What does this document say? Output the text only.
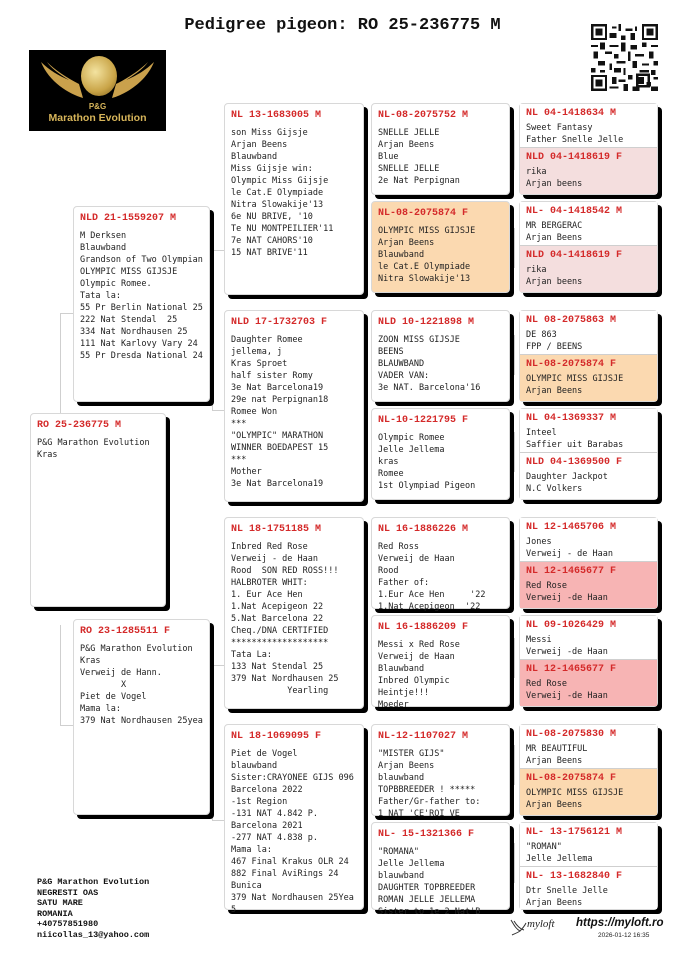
Pedigree pigeon: RO 25-236775 M
P&G
Marathon Evolution
RO 25-236775 M
P&G Marathon Evolution
Kras
NLD 21-1559207 M
M Derksen
Blauwband
Grandson of Two Olympian
OLYMPIC MISS GIJSJE
Olympic Romee.
Tata la:
55 Pr Berlin National 25
222 Nat Stendal  25
334 Nat Nordhausen 25
111 Nat Karlovy Vary 24
55 Pr Dresda National 24
RO 23-1285511 F
P&G Marathon Evolution
Kras
Verweij de Hann.
X
Piet de Vogel
Mama la:
379 Nat Nordhausen 25yea
NL 13-1683005 M
son Miss Gijsje
Arjan Beens
Blauwband
Miss Gijsje win:
Olympic Miss Gijsje
le Cat.E Olympiade
Nitra Slowakije'13
6e NU BRIVE, '10
Te NU MONTPEILIER'11
7e NAT CAHORS'10
15 NAT BRIVE'11
NLD 17-1732703 F
Daughter Romee
jellema, j
Kras Sproet
half sister Romy
3e Nat Barcelona19
29e nat Perpignan18
Romee Won
***
"OLYMPIC" MARATHON
WINNER BOEDAPEST 15
***
Mother
3e Nat Barcelona19
NL 18-1751185 M
Inbred Red Rose
Verweij - de Haan
Rood  SON RED ROSS!!!
HALBROTER WHIT:
1. Eur Ace Hen
1.Nat Acepigeon 22
5.Nat Barcelona 22
Cheq./DNA CERTIFIED
*******************
Tata La:
133 Nat Stendal 25
379 Nat Nordhausen 25
Yearling
NL 18-1069095 F
Piet de Vogel
blauwband
Sister:CRAYONEE GIJS 096
Barcelona 2022
-1st Region
-131 NAT 4.842 P.
Barcelona 2021
-277 NAT 4.838 p.
Mama la:
467 Final Krakus OLR 24
882 Final AviRings 24
Bunica
379 Nat Nordhausen 25Yea
5
NL-08-2075752 M
SNELLE JELLE
Arjan Beens
Blue
SNELLE JELLE
2e Nat Perpignan
NL-08-2075874 F
OLYMPIC MISS GIJSJE
Arjan Beens
Blauwband
le Cat.E Olympiade
Nitra Slowakije'13
NLD 10-1221898 M
ZOON MISS GIJSJE
BEENS
BLAUWBAND
VADER VAN:
3e NAT. Barcelona'16
NL-10-1221795 F
Olympic Romee
Jelle Jellema
kras
Romee
1st Olympiad Pigeon
NL 16-1886226 M
Red Ross
Verweij de Haan
Rood
Father of:
1.Eur Ace Hen     '22
1.Nat Acepigeon  '22
NL 16-1886209 F
Messi x Red Rose
Verweij de Haan
Blauwband
Inbred Olympic
Heintje!!!
Moeder
NL-12-1107027 M
"MISTER GIJS"
Arjan Beens
blauwband
TOPBBREEDER ! *****
Father/Gr-father to:
1 NAT 'CE'ROI VE
NL- 15-1321366 F
"ROMANA"
Jelle Jellema
blauwband
DAUGHTER TOPBREEDER
ROMAN JELLE JELLEMA
Sister to 1e 2 Nat'B
NL 04-1418634 M
Sweet Fantasy
Father Snelle Jelle
NLD 04-1418619 F
rika
Arjan beens
NL- 04-1418542 M
MR BERGERAC
Arjan Beens
NLD 04-1418619 F
rika
Arjan beens
NL 08-2075863 M
DE 863
FPP / BEENS
NL-08-2075874 F
OLYMPIC MISS GIJSJE
Arjan Beens
NL 04-1369337 M
Inteel
Saffier uit Barabas
NLD 04-1369500 F
Daughter Jackpot
N.C Volkers
NL 12-1465706 M
Jones
Verweij - de Haan
NL 12-1465677 F
Red Rose
Verweij -de Haan
NL 09-1026429 M
Messi
Verweij -de Haan
NL 12-1465677 F
Red Rose
Verweij -de Haan
NL-08-2075830 M
MR BEAUTIFUL
Arjan Beens
NL-08-2075874 F
OLYMPIC MISS GIJSJE
Arjan Beens
NL- 13-1756121 M
"ROMAN"
Jelle Jellema
NL- 13-1682840 F
Dtr Snelle Jelle
Arjan Beens
P&G Marathon Evolution
NEGRESTI OAS
SATU MARE
ROMANIA
+40757851980
niicollas_13@yahoo.com
myloft https://myloft.ro
2026-01-12 16:35
